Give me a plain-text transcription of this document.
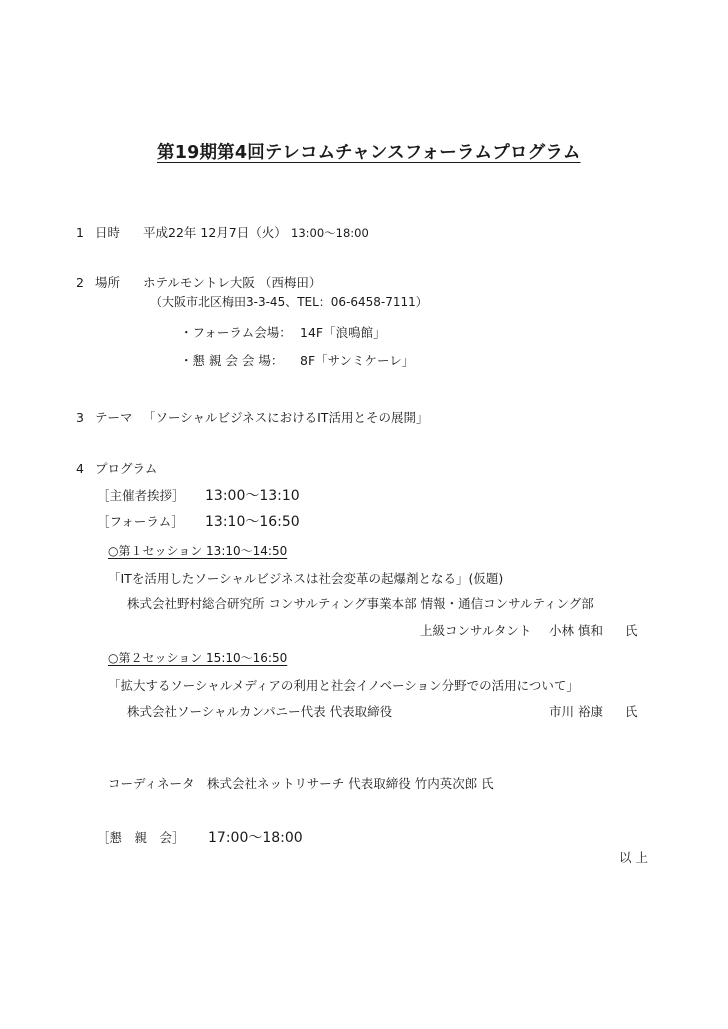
第19期第4回テレコムチャンスフォーラムプログラム
1 日時 平成22年 12月7日（火） 13:00～18:00
2 場所 ホテルモントレ大阪 （西梅田）
（大阪市北区梅田3-3-45、TEL：06-6458-7111）
・フォーラム会場： 14F「浪鳴館」
・懇 親 会 会 場： 8F「サンミケーレ」
3 テーマ 「ソーシャルビジネスにおけるIT活用とその展開」
4 プログラム
［主催者挨拶］ 13:00～13:10
［フォーラム］ 13:10～16:50
○第１セッション 13:10～14:50
「ITを活用したソーシャルビジネスは社会変革の起爆剤となる」(仮題)
株式会社野村総合研究所 コンサルティング事業本部 情報・通信コンサルティング部
上級コンサルタント 小林 慎和 氏
○第２セッション 15:10～16:50
「拡大するソーシャルメディアの利用と社会イノベーション分野での活用について」
株式会社ソーシャルカンパニー代表 代表取締役	市川 裕康 氏
コーディネータ　株式会社ネットリサーチ 代表取締役 竹内英次郎 氏
［懇　親　会］ 17:00～18:00
以 上
